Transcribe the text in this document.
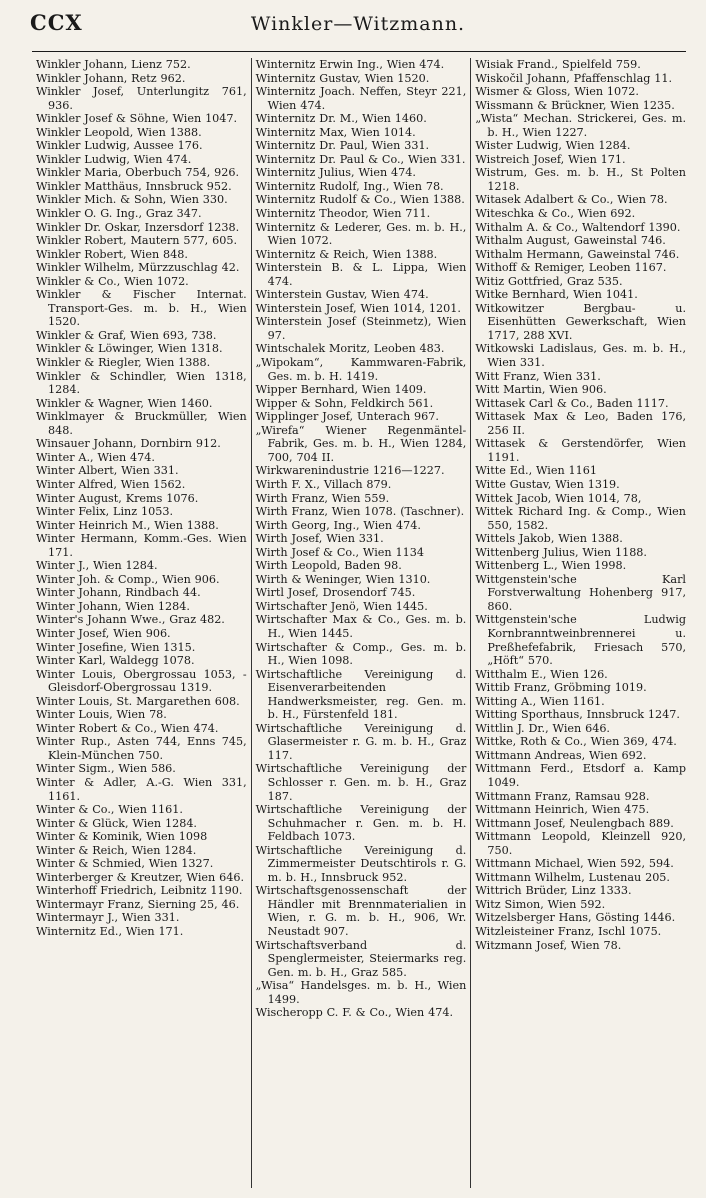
CCX	Winkler—Witzmann.
Winkler Johann, Lienz 752.
Winkler Johann, Retz 962.
Winkler Josef, Unterlungitz 761, 936.
Winkler Josef & Söhne, Wien 1047.
Winkler Leopold, Wien 1388.
Winkler Ludwig, Aussee 176.
Winkler Ludwig, Wien 474.
Winkler Maria, Oberbuch 754, 926.
Winkler Matthäus, Innsbruck 952.
Winkler Mich. & Sohn, Wien 330.
Winkler O. G. Ing., Graz 347.
Winkler Dr. Oskar, Inzersdorf 1238.
Winkler Robert, Mautern 577, 605.
Winkler Robert, Wien 848.
Winkler Wilhelm, Mürzzuschlag 42.
Winkler & Co., Wien 1072.
Winkler & Fischer Internat. Transport-Ges. m. b. H., Wien 1520.
Winkler & Graf, Wien 693, 738.
Winkler & Löwinger, Wien 1318.
Winkler & Riegler, Wien 1388.
Winkler & Schindler, Wien 1318, 1284.
Winkler & Wagner, Wien 1460.
Winklmayer & Bruckmüller, Wien 848.
Winsauer Johann, Dornbirn 912.
Winter A., Wien 474.
Winter Albert, Wien 331.
Winter Alfred, Wien 1562.
Winter August, Krems 1076.
Winter Felix, Linz 1053.
Winter Heinrich M., Wien 1388.
Winter Hermann, Komm.-Ges. Wien 171.
Winter J., Wien 1284.
Winter Joh. & Comp., Wien 906.
Winter Johann, Rindbach 44.
Winter Johann, Wien 1284.
Winter's Johann Wwe., Graz 482.
Winter Josef, Wien 906.
Winter Josefine, Wien 1315.
Winter Karl, Waldegg 1078.
Winter Louis, Obergrossau 1053, - Gleisdorf-Obergrossau 1319.
Winter Louis, St. Margarethen 608.
Winter Louis, Wien 78.
Winter Robert & Co., Wien 474.
Winter Rup., Asten 744, Enns 745, Klein-München 750.
Winter Sigm., Wien 586.
Winter & Adler, A.-G. Wien 331, 1161.
Winter & Co., Wien 1161.
Winter & Glück, Wien 1284.
Winter & Kominik, Wien 1098
Winter & Reich, Wien 1284.
Winter & Schmied, Wien 1327.
Winterberger & Kreutzer, Wien 646.
Winterhoff Friedrich, Leibnitz 1190.
Wintermayr Franz, Sierning 25, 46.
Wintermayr J., Wien 331.
Winternitz Ed., Wien 171.
Winternitz Erwin Ing., Wien 474.
Winternitz Gustav, Wien 1520.
Winternitz Joach. Neffen, Steyr 221, Wien 474.
Winternitz Dr. M., Wien 1460.
Winternitz Max, Wien 1014.
Winternitz Dr. Paul, Wien 331.
Winternitz Dr. Paul & Co., Wien 331.
Winternitz Julius, Wien 474.
Winternitz Rudolf, Ing., Wien 78.
Winternitz Rudolf & Co., Wien 1388.
Winternitz Theodor, Wien 711.
Winternitz & Lederer, Ges. m. b. H., Wien 1072.
Winternitz & Reich, Wien 1388.
Winterstein B. & L. Lippa, Wien 474.
Winterstein Gustav, Wien 474.
Winterstein Josef, Wien 1014, 1201.
Winterstein Josef (Steinmetz), Wien 97.
Wintschalek Moritz, Leoben 483.
„Wipokam“, Kammwaren-Fabrik, Ges. m. b. H. 1419.
Wipper Bernhard, Wien 1409.
Wipper & Sohn, Feldkirch 561.
Wipplinger Josef, Unterach 967.
„Wirefa“ Wiener Regenmäntel-Fabrik, Ges. m. b. H., Wien 1284, 700, 704 II.
Wirkwarenindustrie 1216—1227.
Wirth F. X., Villach 879.
Wirth Franz, Wien 559.
Wirth Franz, Wien 1078. (Taschner).
Wirth Georg, Ing., Wien 474.
Wirth Josef, Wien 331.
Wirth Josef & Co., Wien 1134
Wirth Leopold, Baden 98.
Wirth & Weninger, Wien 1310.
Wirtl Josef, Drosendorf 745.
Wirtschafter Jenö, Wien 1445.
Wirtschafter Max & Co., Ges. m. b. H., Wien 1445.
Wirtschafter & Comp., Ges. m. b. H., Wien 1098.
Wirtschaftliche Vereinigung d. Eisenverarbeitenden Handwerksmeister, reg. Gen. m. b. H., Fürstenfeld 181.
Wirtschaftliche Vereinigung d. Glasermeister r. G. m. b. H., Graz 117.
Wirtschaftliche Vereinigung der Schlosser r. Gen. m. b. H., Graz 187.
Wirtschaftliche Vereinigung der Schuhmacher r. Gen. m. b. H. Feldbach 1073.
Wirtschaftliche Vereinigung d. Zimmermeister Deutschtirols r. G. m. b. H., Innsbruck 952.
Wirtschaftsgenossenschaft der Händler mit Brennmaterialien in Wien, r. G. m. b. H., 906, Wr. Neustadt 907.
Wirtschaftsverband d. Spenglermeister, Steiermarks reg. Gen. m. b. H., Graz 585.
„Wisa“ Handelsges. m. b. H., Wien 1499.
Wischeropp C. F. & Co., Wien 474.
Wisiak Frand., Spielfeld 759.
Wiskočil Johann, Pfaffenschlag 11.
Wismer & Gloss, Wien 1072.
Wissmann & Brückner, Wien 1235.
„Wista“ Mechan. Strickerei, Ges. m. b. H., Wien 1227.
Wister Ludwig, Wien 1284.
Wistreich Josef, Wien 171.
Wistrum, Ges. m. b. H., St Polten 1218.
Witasek Adalbert & Co., Wien 78.
Witeschka & Co., Wien 692.
Withalm A. & Co., Waltendorf 1390.
Withalm August, Gaweinstal 746.
Withalm Hermann, Gaweinstal 746.
Withoff & Remiger, Leoben 1167.
Witiz Gottfried, Graz 535.
Witke Bernhard, Wien 1041.
Witkowitzer Bergbau- u. Eisenhütten Gewerkschaft, Wien 1717, 288 XVI.
Witkowski Ladislaus, Ges. m. b. H., Wien 331.
Witt Franz, Wien 331.
Witt Martin, Wien 906.
Wittasek Carl & Co., Baden 1117.
Wittasek Max & Leo, Baden 176, 256 II.
Wittasek & Gerstendörfer, Wien 1191.
Witte Ed., Wien 1161
Witte Gustav, Wien 1319.
Wittek Jacob, Wien 1014, 78,
Wittek Richard Ing. & Comp., Wien 550, 1582.
Wittels Jakob, Wien 1388.
Wittenberg Julius, Wien 1188.
Wittenberg L., Wien 1998.
Wittgenstein'sche Karl Forstverwaltung Hohenberg 917, 860.
Wittgenstein'sche Ludwig Kornbranntweinbrennerei u. Preßhefefabrik, Friesach 570, „Höft“ 570.
Witthalm E., Wien 126.
Wittib Franz, Gröbming 1019.
Witting A., Wien 1161.
Witting Sporthaus, Innsbruck 1247.
Wittlin J. Dr., Wien 646.
Wittke, Roth & Co., Wien 369, 474.
Wittmann Andreas, Wien 692.
Wittmann Ferd., Etsdorf a. Kamp 1049.
Wittmann Franz, Ramsau 928.
Wittmann Heinrich, Wien 475.
Wittmann Josef, Neulengbach 889.
Wittmann Leopold, Kleinzell 920, 750.
Wittmann Michael, Wien 592, 594.
Wittmann Wilhelm, Lustenau 205.
Wittrich Brüder, Linz 1333.
Witz Simon, Wien 592.
Witzelsberger Hans, Gösting 1446.
Witzleisteiner Franz, Ischl 1075.
Witzmann Josef, Wien 78.
